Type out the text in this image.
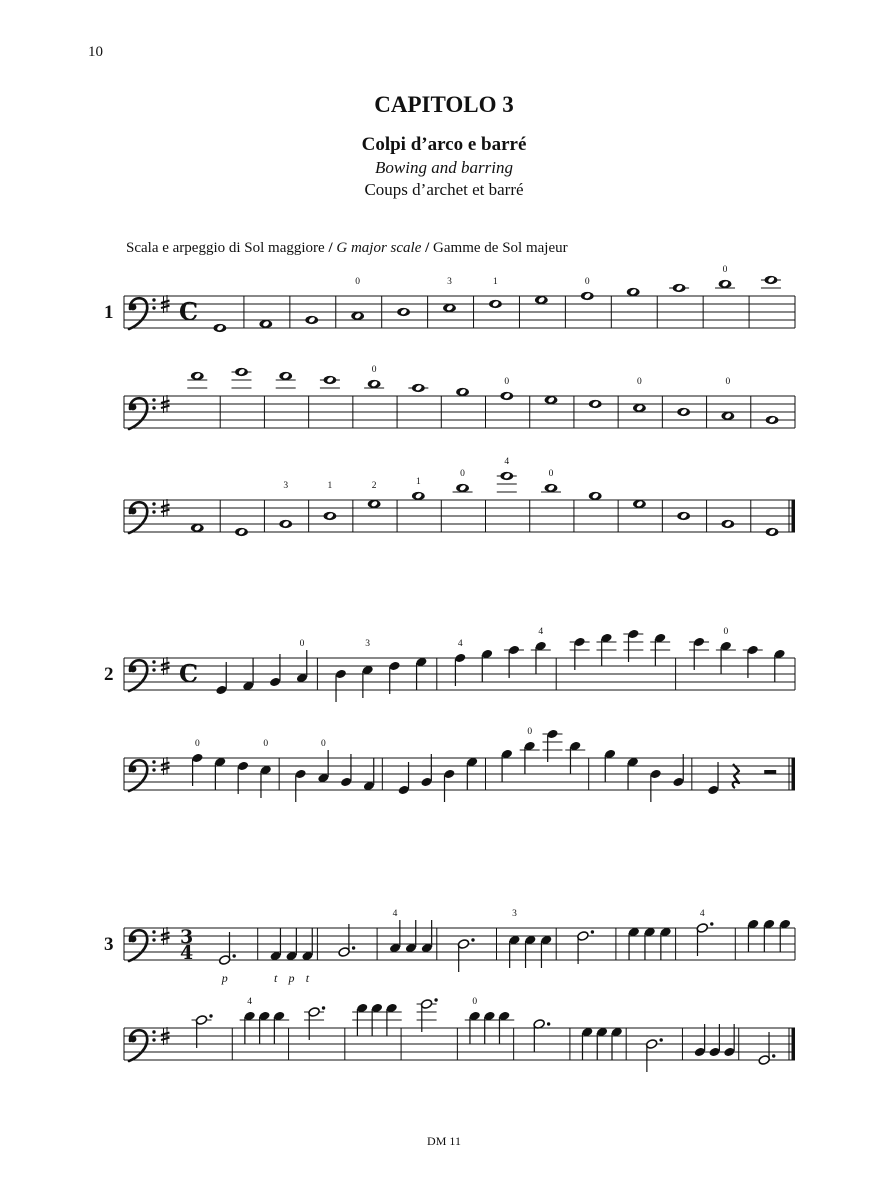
10
CAPITOLO 3
Colpi d’arco e barré
Bowing and barring
Coups d’archet et barré
Scala e arpeggio di Sol maggiore / G major scale / Gamme de Sol majeur
C
1
0	3	1	0
0
0
0	0	0
3	1	2	1
0
4
0
C
2
0	3	4
4	0
0	0	0
0
3
4
3
p	t p t
4	3	4
4	0
DM 11
